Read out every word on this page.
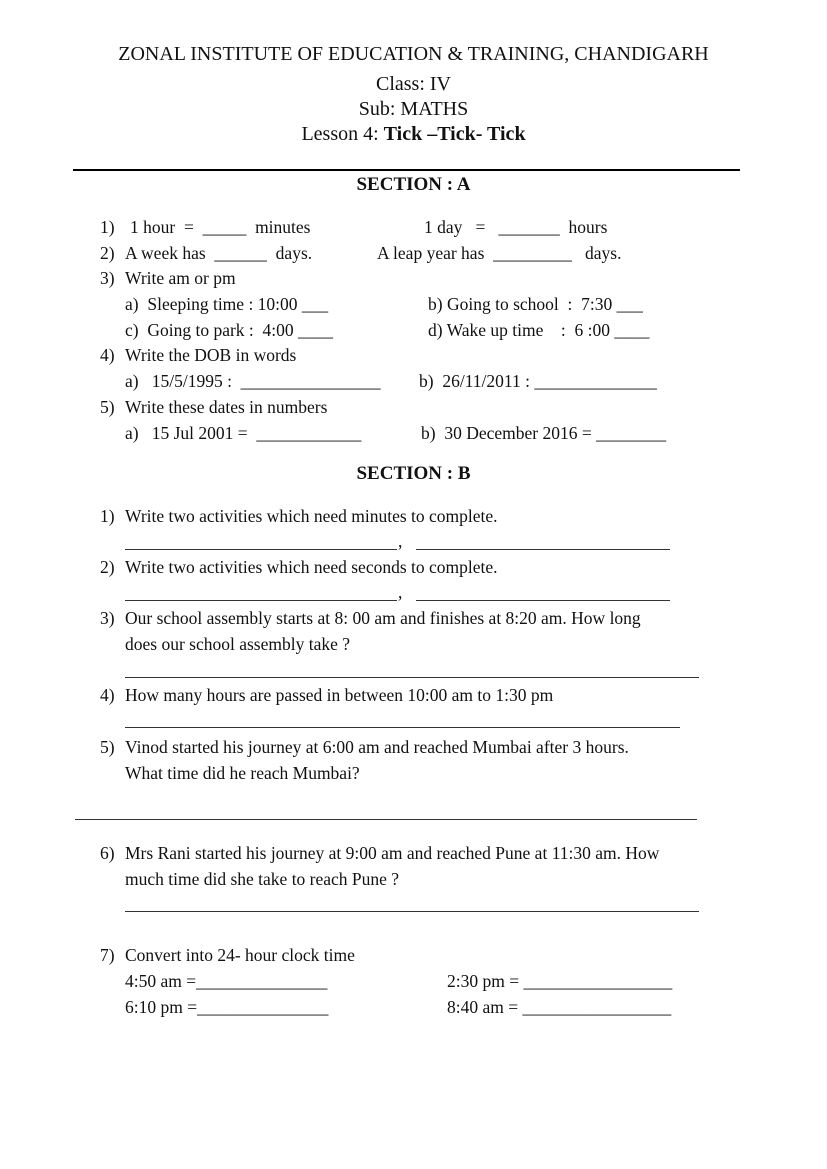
ZONAL INSTITUTE OF EDUCATION & TRAINING, CHANDIGARH
Class: IV
Sub: MATHS
Lesson 4: Tick –Tick- Tick
SECTION : A
1) 1 hour  =  _____  minutes	1 day   =   _______  hours
2) A week has  ______  days.	A leap year has  _________   days.
3) Write am or pm
a)  Sleeping time : 10:00 ___	b) Going to school  :  7:30 ___
c)  Going to park :  4:00 ____	d) Wake up time    :  6 :00 ____
4) Write the DOB in words
a)   15/5/1995 :  ________________ b)  26/11/2011 : ______________
5) Write these dates in numbers
a)   15 Jul 2001 =  ____________	b)  30 December 2016 = ________
SECTION : B
1) Write two activities which need minutes to complete.
,
2) Write two activities which need seconds to complete.
,
3) Our school assembly starts at 8: 00 am and finishes at 8:20 am. How long
does our school assembly take ?
4) How many hours are passed in between 10:00 am to 1:30 pm
5) Vinod started his journey at 6:00 am and reached Mumbai after 3 hours.
What time did he reach Mumbai?
6) Mrs Rani started his journey at 9:00 am and reached Pune at 11:30 am. How
much time did she take to reach Pune ?
7) Convert into 24- hour clock time
4:50 am =_______________	2:30 pm = _________________
6:10 pm =_______________	8:40 am = _________________
